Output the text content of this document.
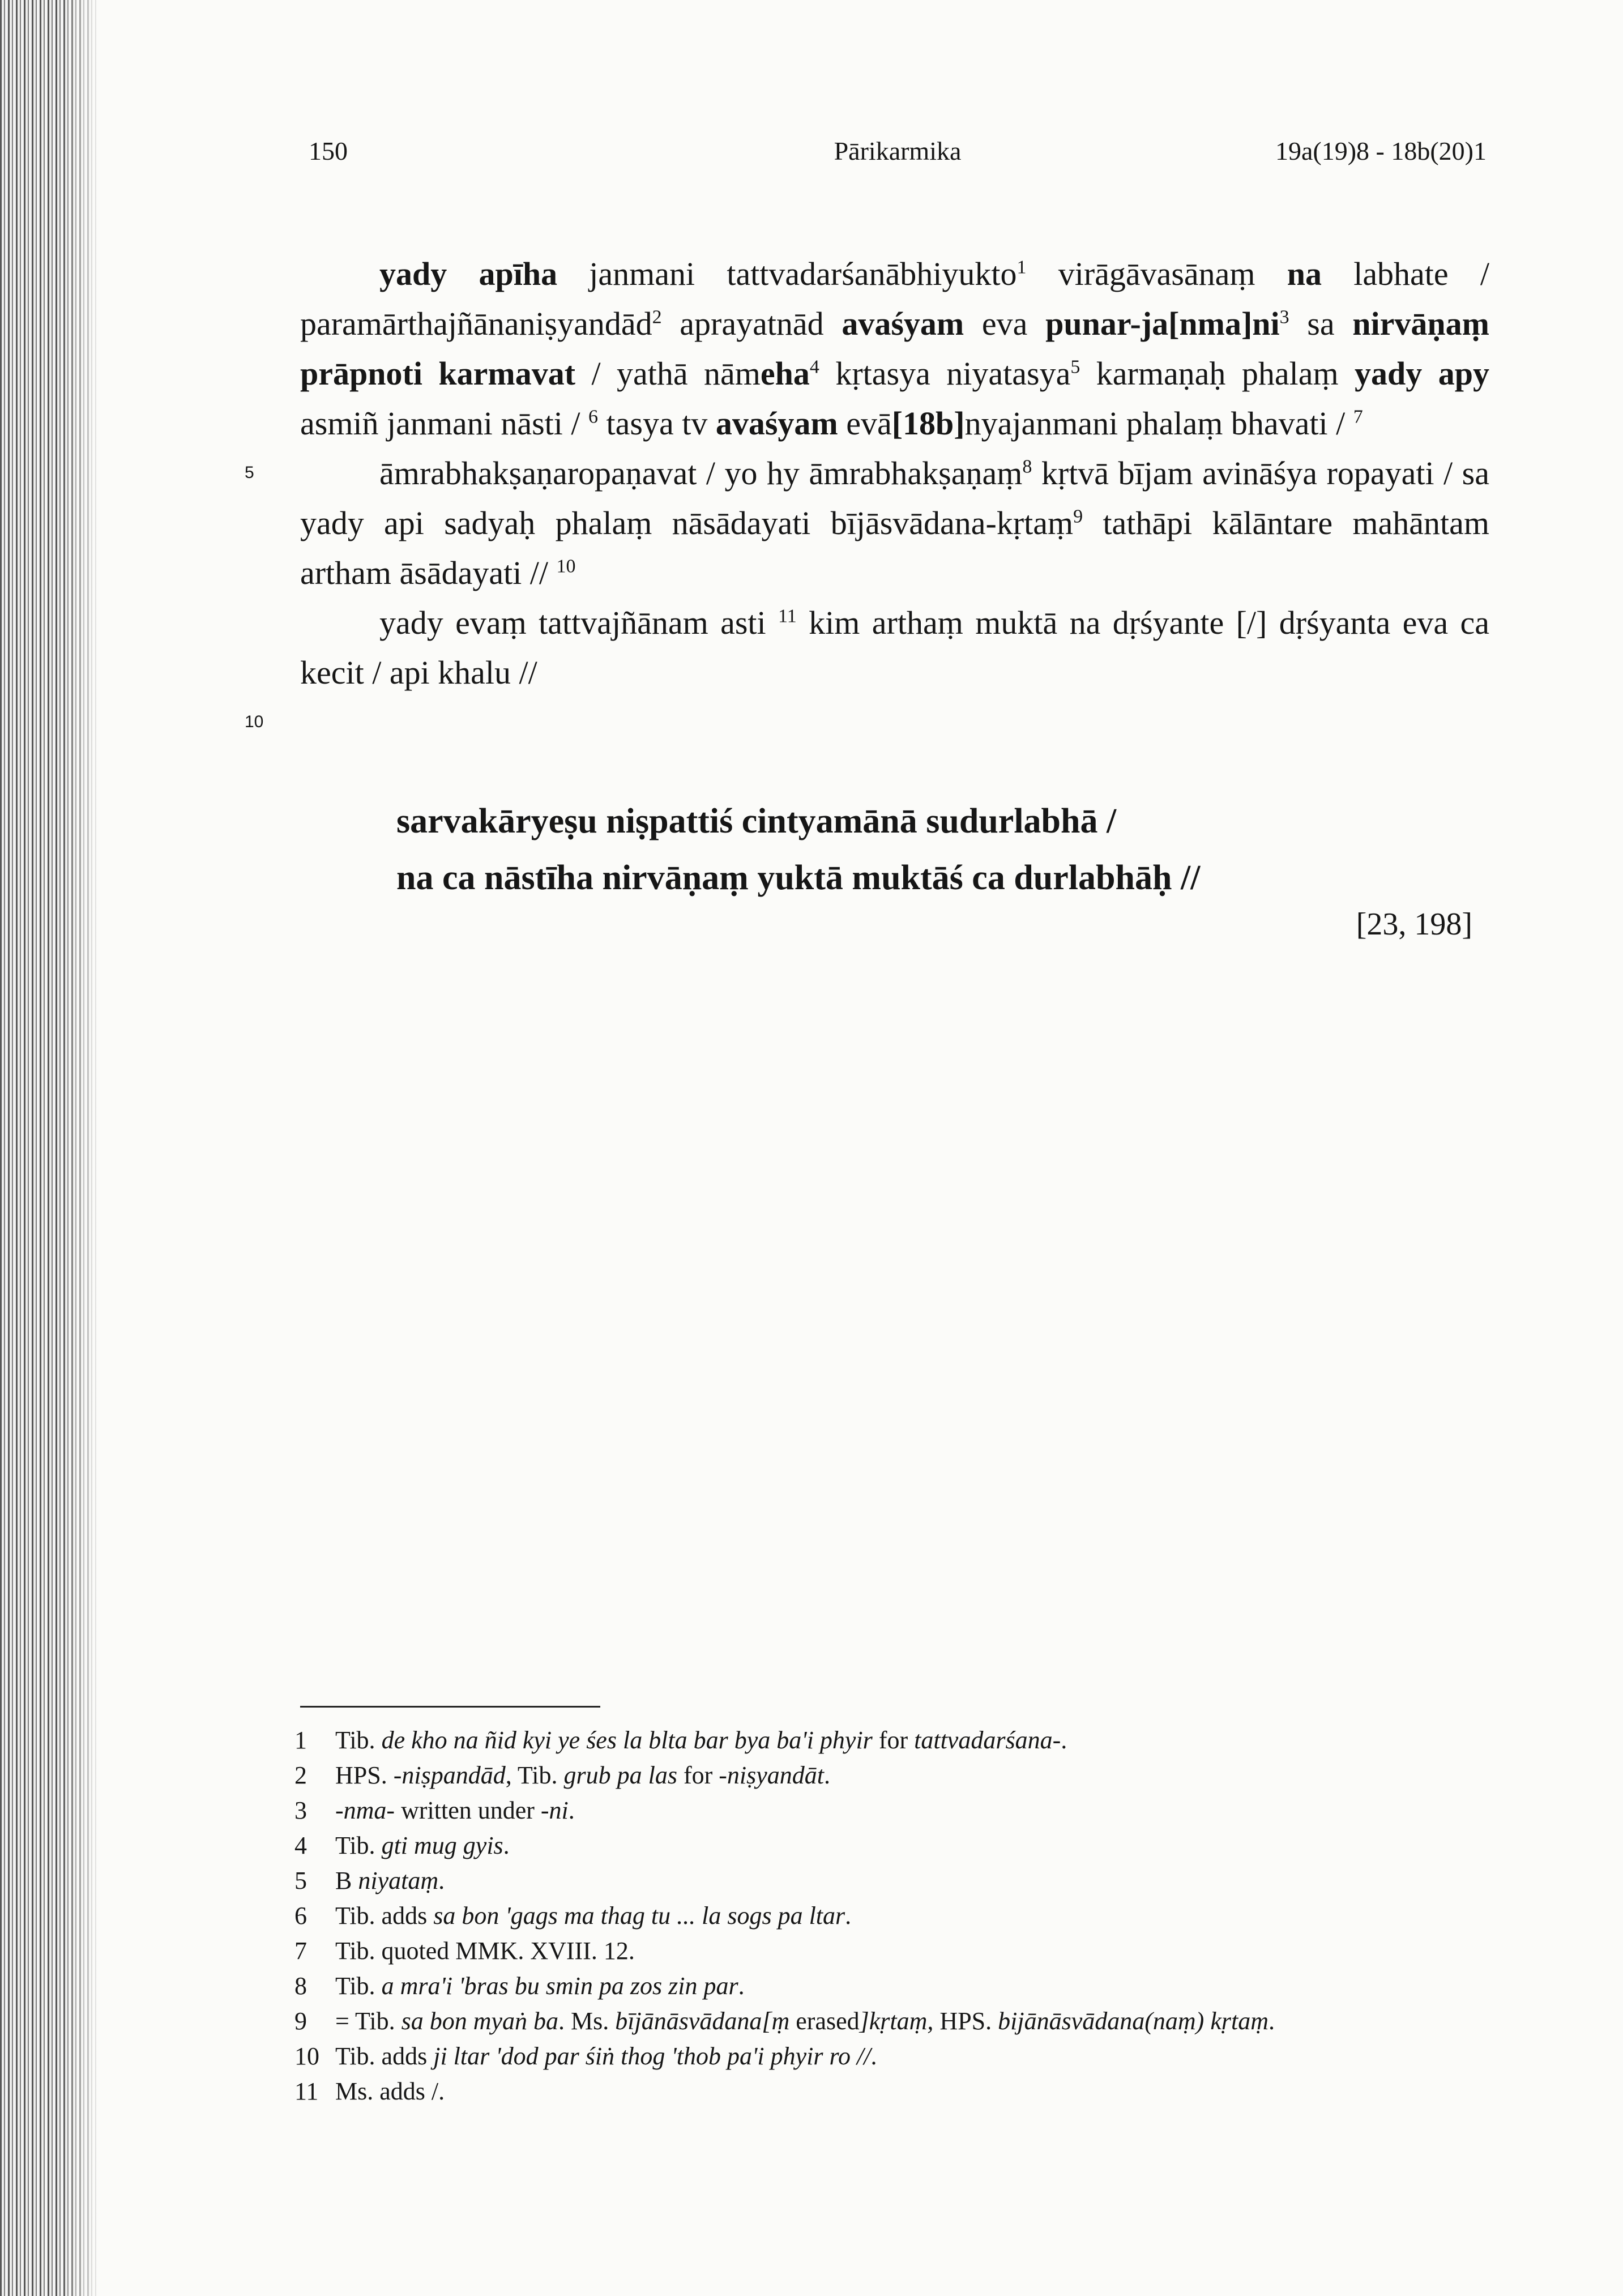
150	Pārikarmika	19a(19)8 - 18b(20)1
5
10

yady apīha janmani tattvadarśanābhiyukto$^1$ virāgāvasānaṃ na labhate / paramārthajñānaniṣyandād$^2$ aprayatnād avaśyam eva punar-$ja[nma]ni^3$ sa nirvāṇaṃ prāpnoti karmavat / yathā nāmeha$^4$ kṛtasya niyatasya$^5$ karmaṇaḥ phalaṃ yady apy asmiñ janmani nāsti / $^6$ tasya tv avaśyam evā[18b]nyajanmani phalaṃ bhavati / $^7$

āmrabhakṣaṇaropaṇavat / yo hy āmrabhakṣaṇaṃ$^8$ kṛtvā bījam avināśya ropayati / sa yady api sadyaḥ phalaṃ nāsādayati bījāsvādana-kṛtaṃ$^9$ tathāpi kālāntare mahāntam artham āsādayati // $^{10}$

yady evaṃ tattvajñānam asti $^{11}$ kim arthaṃ muktā na dṛśyante [/] dṛśyanta eva ca kecit / api khalu //

sarvakāryeṣu niṣpattiś cintyamānā sudurlabhā /
na ca nāstīha nirvāṇaṃ yuktā muktāś ca durlabhāḥ //
[23, 198]
1 Tib. de kho na ñid kyi ye śes la blta bar bya ba'i phyir for tattvadarśana-.
2 HPS. -niṣpandād, Tib. grub pa las for -niṣyandāt.
3 -nma- written under -ni.
4 Tib. gti mug gyis.
5 B niyataṃ.
6 Tib. adds sa bon 'gags ma thag tu ... la sogs pa ltar.
7 Tib. quoted MMK. XVIII. 12.
8 Tib. a mra'i 'bras bu smin pa zos zin par.
9 = Tib. sa bon myaṅ ba. Ms. bījānāsvādana[ṃ erased]kṛtaṃ, HPS. bijānāsvādana(naṃ) kṛtaṃ.
10 Tib. adds ji ltar 'dod par śiṅ thog 'thob pa'i phyir ro //.
11 Ms. adds /.
